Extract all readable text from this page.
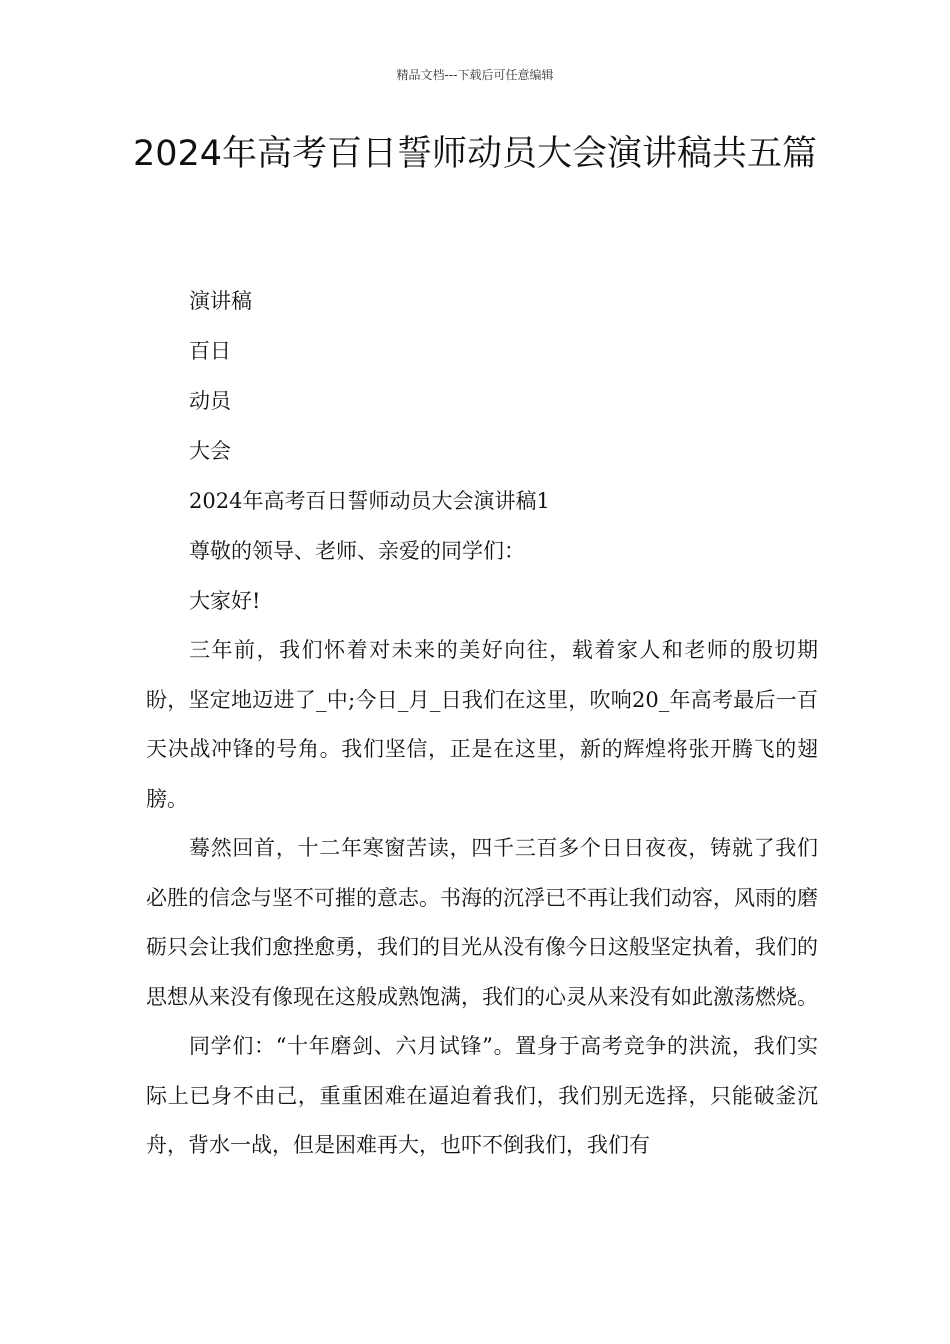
精品文档---下载后可任意编辑
2024年高考百日誓师动员大会演讲稿共五篇

演讲稿

百日

动员

大会

2024年高考百日誓师动员大会演讲稿1

尊敬的领导、老师、亲爱的同学们：

大家好!

三年前，我们怀着对未来的美好向往，载着家人和老师的殷切期盼，坚定地迈进了_中;今日_月_日我们在这里，吹响20_年高考最后一百天决战冲锋的号角。我们坚信，正是在这里，新的辉煌将张开腾飞的翅膀。

蓦然回首，十二年寒窗苦读，四千三百多个日日夜夜，铸就了我们必胜的信念与坚不可摧的意志。书海的沉浮已不再让我们动容，风雨的磨砺只会让我们愈挫愈勇，我们的目光从没有像今日这般坚定执着，我们的思想从来没有像现在这般成熟饱满，我们的心灵从来没有如此激荡燃烧。

同学们：“十年磨剑、六月试锋”。置身于高考竞争的洪流，我们实际上已身不由己，重重困难在逼迫着我们，我们别无选择，只能破釜沉舟，背水一战，但是困难再大，也吓不倒我们，我们有
